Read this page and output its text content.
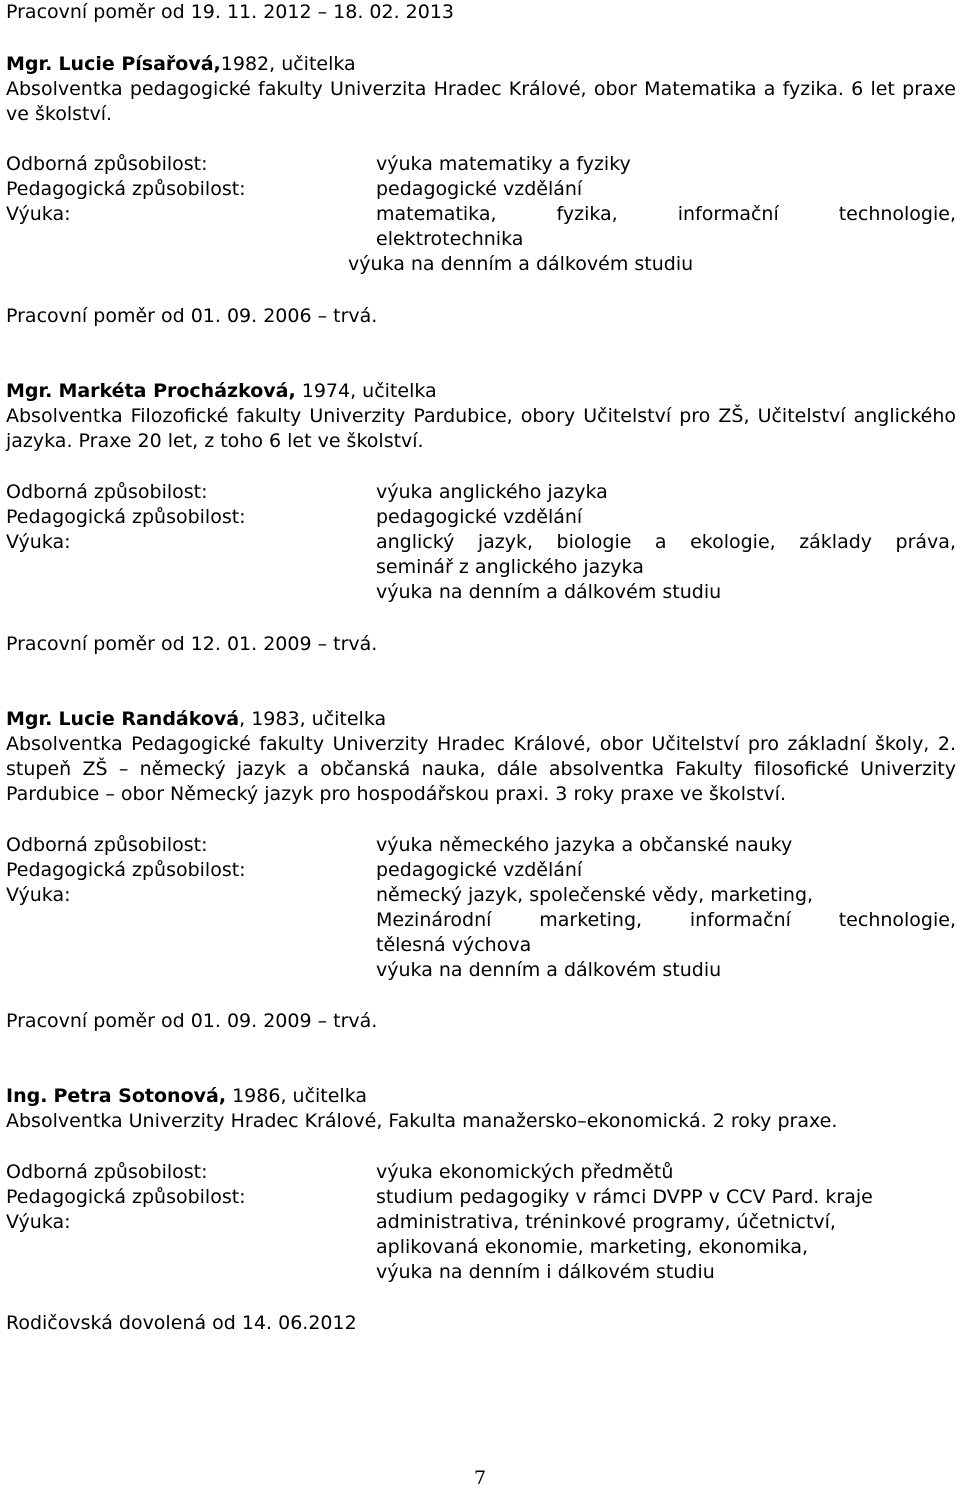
Pracovní poměr od 19. 11. 2012 – 18. 02. 2013
Mgr. Lucie Písařová,1982, učitelka
Absolventka pedagogické fakulty Univerzita Hradec Králové, obor Matematika a fyzika. 6 let praxe ve školství.
Odborná způsobilost:	výuka matematiky a fyziky
Pedagogická způsobilost:	pedagogické vzdělání
Výuka:	matematika, fyzika, informační technologie,
elektrotechnika
výuka na denním a dálkovém studiu
Pracovní poměr od 01. 09. 2006 – trvá.
Mgr. Markéta Procházková, 1974, učitelka
Absolventka Filozofické fakulty Univerzity Pardubice, obory Učitelství pro ZŠ, Učitelství anglického jazyka. Praxe 20 let, z toho 6 let ve školství.
Odborná způsobilost:	výuka anglického jazyka
Pedagogická způsobilost:	pedagogické vzdělání
Výuka:	anglický jazyk, biologie a ekologie, základy práva,
seminář z anglického jazyka
výuka na denním a dálkovém studiu
Pracovní poměr od 12. 01. 2009 – trvá.
Mgr. Lucie Randáková, 1983, učitelka
Absolventka Pedagogické fakulty Univerzity Hradec Králové, obor Učitelství pro základní školy, 2. stupeň ZŠ – německý jazyk a občanská nauka, dále absolventka Fakulty filosofické Univerzity Pardubice – obor Německý jazyk pro hospodářskou praxi. 3 roky praxe ve školství.
Odborná způsobilost:	výuka německého jazyka a občanské nauky
Pedagogická způsobilost:	pedagogické vzdělání
Výuka:	německý jazyk, společenské vědy, marketing,
Mezinárodní marketing, informační technologie,
tělesná výchova
výuka na denním a dálkovém studiu
Pracovní poměr od 01. 09. 2009 – trvá.
Ing. Petra Sotonová, 1986, učitelka
Absolventka Univerzity Hradec Králové, Fakulta manažersko–ekonomická. 2 roky praxe.
Odborná způsobilost:	výuka ekonomických předmětů
Pedagogická způsobilost:	studium pedagogiky v rámci DVPP v CCV Pard. kraje
Výuka:	administrativa, tréninkové programy, účetnictví,
aplikovaná ekonomie, marketing, ekonomika,
výuka na denním i dálkovém studiu
Rodičovská dovolená od 14. 06.2012
7
